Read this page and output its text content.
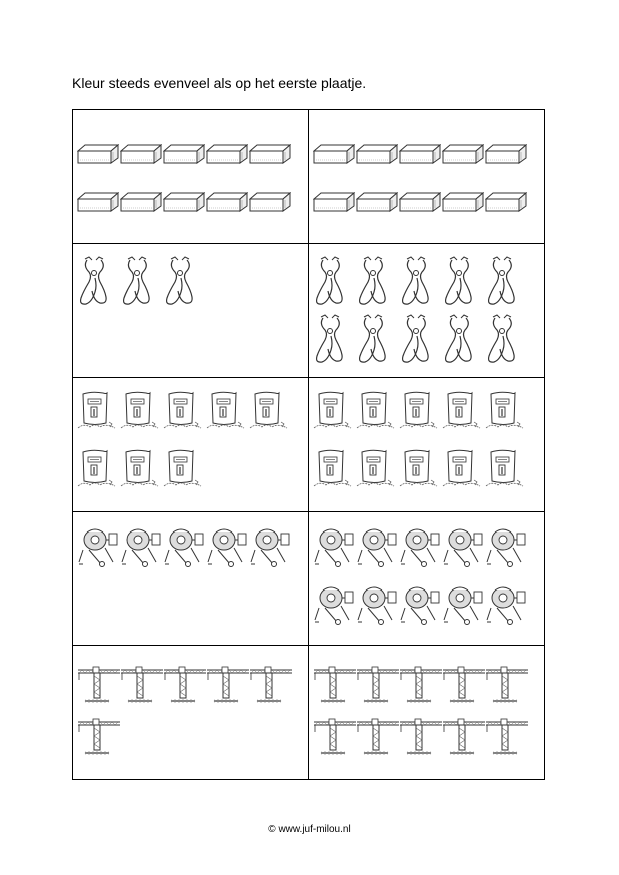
Kleur steeds evenveel als op het eerste plaatje.
© www.juf-milou.nl
